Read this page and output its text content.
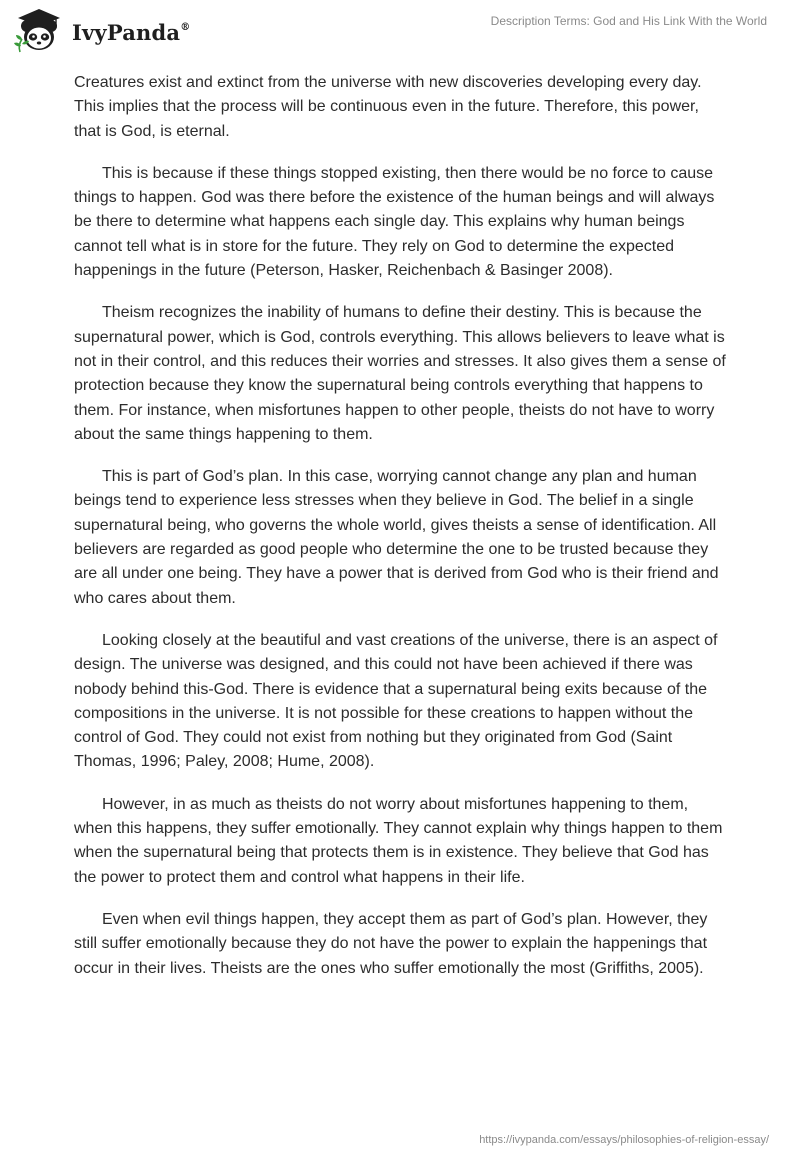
IvyPanda®	Description Terms: God and His Link With the World

Creatures exist and extinct from the universe with new discoveries developing every day. This implies that the process will be continuous even in the future. Therefore, this power, that is God, is eternal.

This is because if these things stopped existing, then there would be no force to cause things to happen. God was there before the existence of the human beings and will always be there to determine what happens each single day. This explains why human beings cannot tell what is in store for the future. They rely on God to determine the expected happenings in the future (Peterson, Hasker, Reichenbach & Basinger 2008).

Theism recognizes the inability of humans to define their destiny. This is because the supernatural power, which is God, controls everything. This allows believers to leave what is not in their control, and this reduces their worries and stresses. It also gives them a sense of protection because they know the supernatural being controls everything that happens to them. For instance, when misfortunes happen to other people, theists do not have to worry about the same things happening to them.

This is part of God’s plan. In this case, worrying cannot change any plan and human beings tend to experience less stresses when they believe in God. The belief in a single supernatural being, who governs the whole world, gives theists a sense of identification. All believers are regarded as good people who determine the one to be trusted because they are all under one being. They have a power that is derived from God who is their friend and who cares about them.

Looking closely at the beautiful and vast creations of the universe, there is an aspect of design. The universe was designed, and this could not have been achieved if there was nobody behind this-God. There is evidence that a supernatural being exits because of the compositions in the universe. It is not possible for these creations to happen without the control of God. They could not exist from nothing but they originated from God (Saint Thomas, 1996; Paley, 2008; Hume, 2008).

However, in as much as theists do not worry about misfortunes happening to them, when this happens, they suffer emotionally. They cannot explain why things happen to them when the supernatural being that protects them is in existence. They believe that God has the power to protect them and control what happens in their life.

Even when evil things happen, they accept them as part of God’s plan. However, they still suffer emotionally because they do not have the power to explain the happenings that occur in their lives. Theists are the ones who suffer emotionally the most (Griffiths, 2005).

https://ivypanda.com/essays/philosophies-of-religion-essay/
